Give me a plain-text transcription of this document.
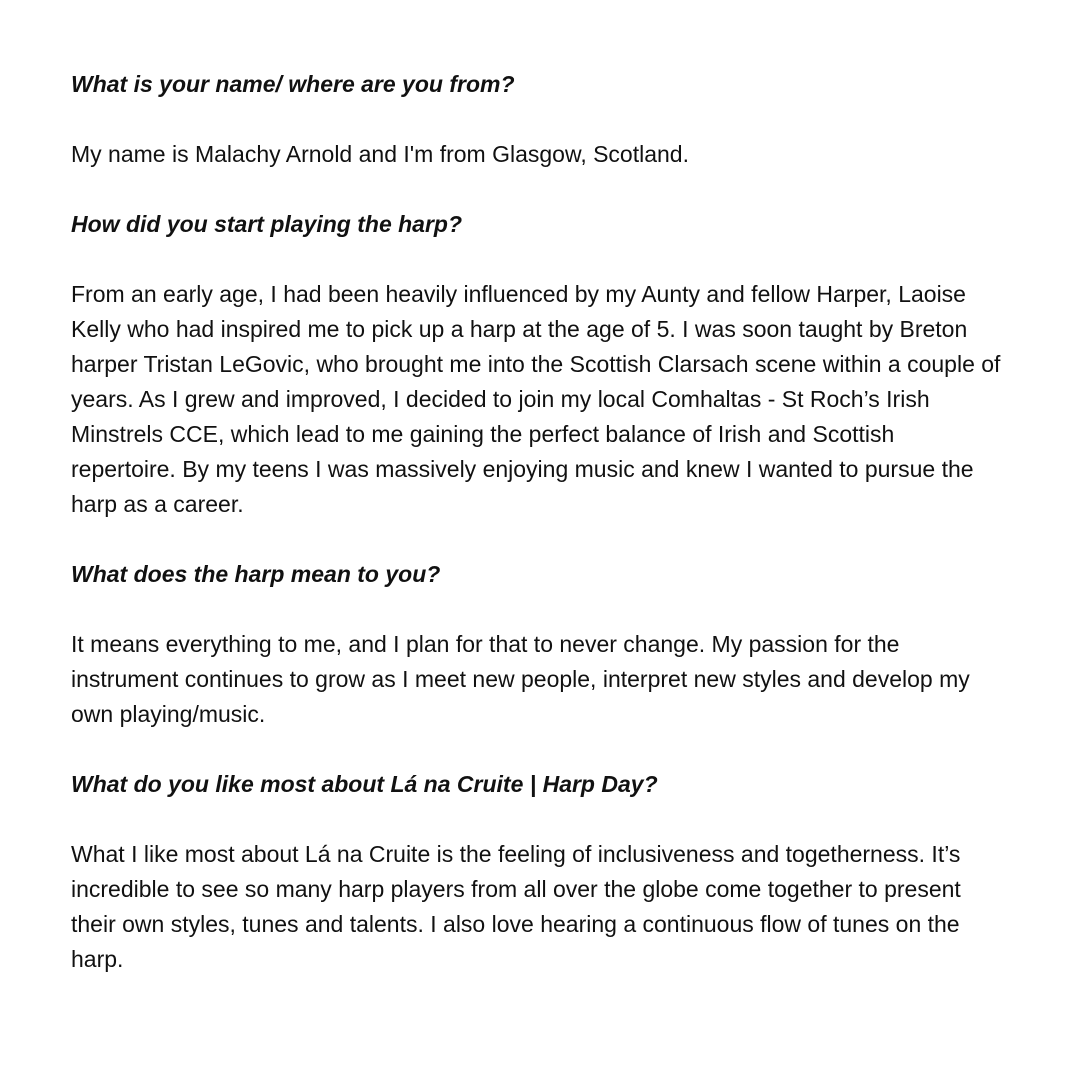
What is your name/ where are you from?

My name is Malachy Arnold and I'm from Glasgow, Scotland.

How did you start playing the harp?

From an early age, I had been heavily influenced by my Aunty and fellow Harper, Laoise Kelly who had inspired me to pick up a harp at the age of 5. I was soon taught by Breton harper Tristan LeGovic, who brought me into the Scottish Clarsach scene within a couple of years. As I grew and improved, I decided to join my local Comhaltas - St Roch’s Irish Minstrels CCE, which lead to me gaining the perfect balance of Irish and Scottish repertoire. By my teens I was massively enjoying music and knew I wanted to pursue the harp as a career.

What does the harp mean to you?

It means everything to me, and I plan for that to never change. My passion for the instrument continues to grow as I meet new people, interpret new styles and develop my own playing/music.

What do you like most about Lá na Cruite | Harp Day?

What I like most about Lá na Cruite is the feeling of inclusiveness and togetherness. It’s incredible to see so many harp players from all over the globe come together to present their own styles, tunes and talents. I also love hearing a continuous flow of tunes on the harp.
